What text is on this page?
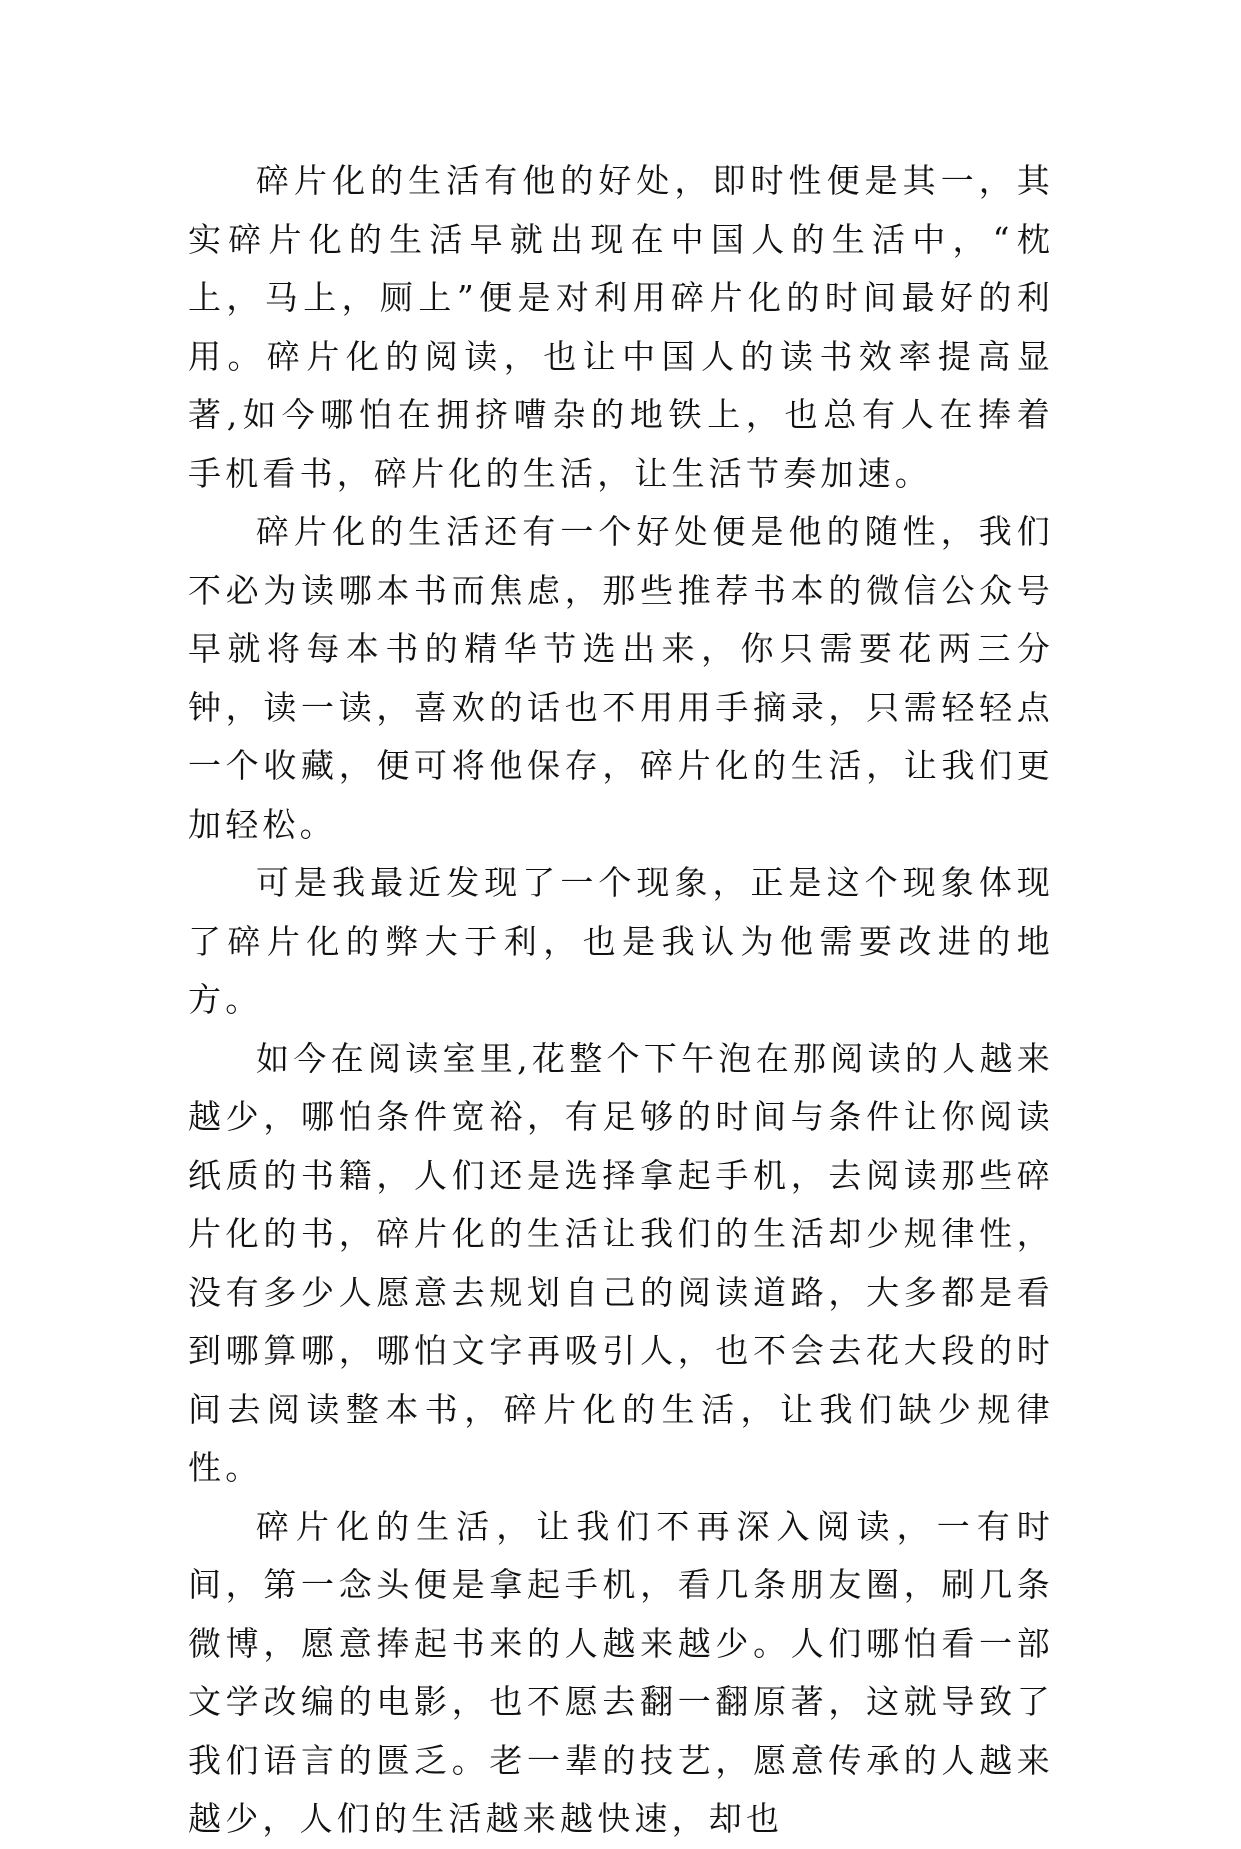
碎片化的生活有他的好处，即时性便是其一，其实碎片化的生活早就出现在中国人的生活中，“枕上，马上，厕上”便是对利用碎片化的时间最好的利用。碎片化的阅读，也让中国人的读书效率提高显著,如今哪怕在拥挤嘈杂的地铁上，也总有人在捧着手机看书，碎片化的生活，让生活节奏加速。

碎片化的生活还有一个好处便是他的随性，我们不必为读哪本书而焦虑，那些推荐书本的微信公众号早就将每本书的精华节选出来，你只需要花两三分钟，读一读，喜欢的话也不用用手摘录，只需轻轻点一个收藏，便可将他保存，碎片化的生活，让我们更加轻松。

可是我最近发现了一个现象，正是这个现象体现了碎片化的弊大于利，也是我认为他需要改进的地方。

如今在阅读室里,花整个下午泡在那阅读的人越来越少，哪怕条件宽裕，有足够的时间与条件让你阅读纸质的书籍，人们还是选择拿起手机，去阅读那些碎片化的书，碎片化的生活让我们的生活却少规律性，没有多少人愿意去规划自己的阅读道路，大多都是看到哪算哪，哪怕文字再吸引人，也不会去花大段的时间去阅读整本书，碎片化的生活，让我们缺少规律性。

碎片化的生活，让我们不再深入阅读，一有时间，第一念头便是拿起手机，看几条朋友圈，刷几条微博，愿意捧起书来的人越来越少。人们哪怕看一部文学改编的电影，也不愿去翻一翻原著，这就导致了我们语言的匮乏。老一辈的技艺，愿意传承的人越来越少，人们的生活越来越快速，却也
